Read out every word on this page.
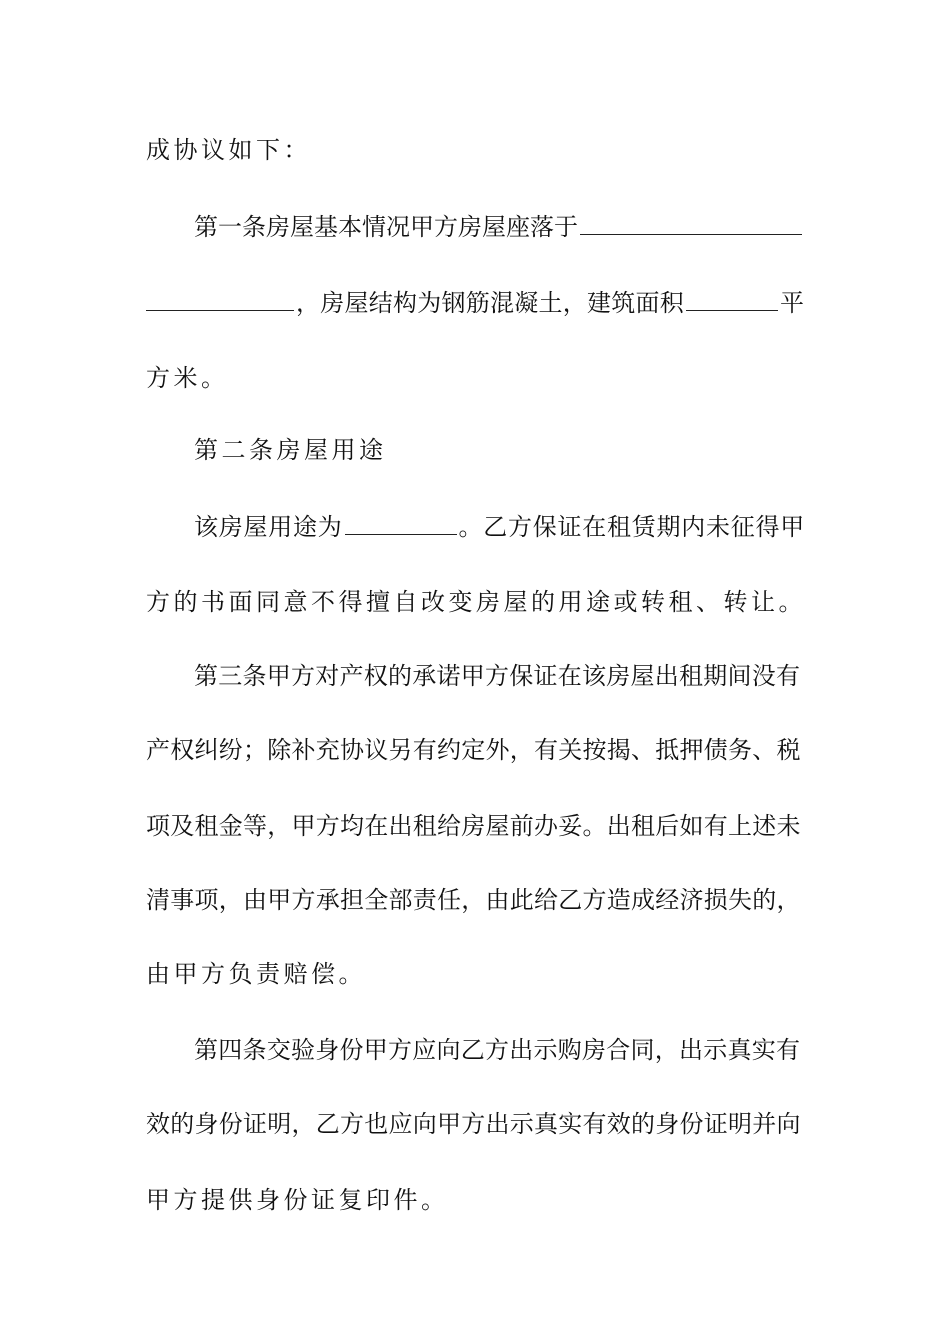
成协议如下：
第一条房屋基本情况甲方房屋座落于
，房屋结构为钢筋混凝土，建筑面积	平
方米。
第二条房屋用途
该房屋用途为	。乙方保证在租赁期内未征得甲
方的书面同意不得擅自改变房屋的用途或转租、转让。
第三条甲方对产权的承诺甲方保证在该房屋出租期间没有
产权纠纷；除补充协议另有约定外，有关按揭、抵押债务、税
项及租金等，甲方均在出租给房屋前办妥。出租后如有上述未
清事项，由甲方承担全部责任，由此给乙方造成经济损失的，
由甲方负责赔偿。
第四条交验身份甲方应向乙方出示购房合同，出示真实有
效的身份证明，乙方也应向甲方出示真实有效的身份证明并向
甲方提供身份证复印件。
